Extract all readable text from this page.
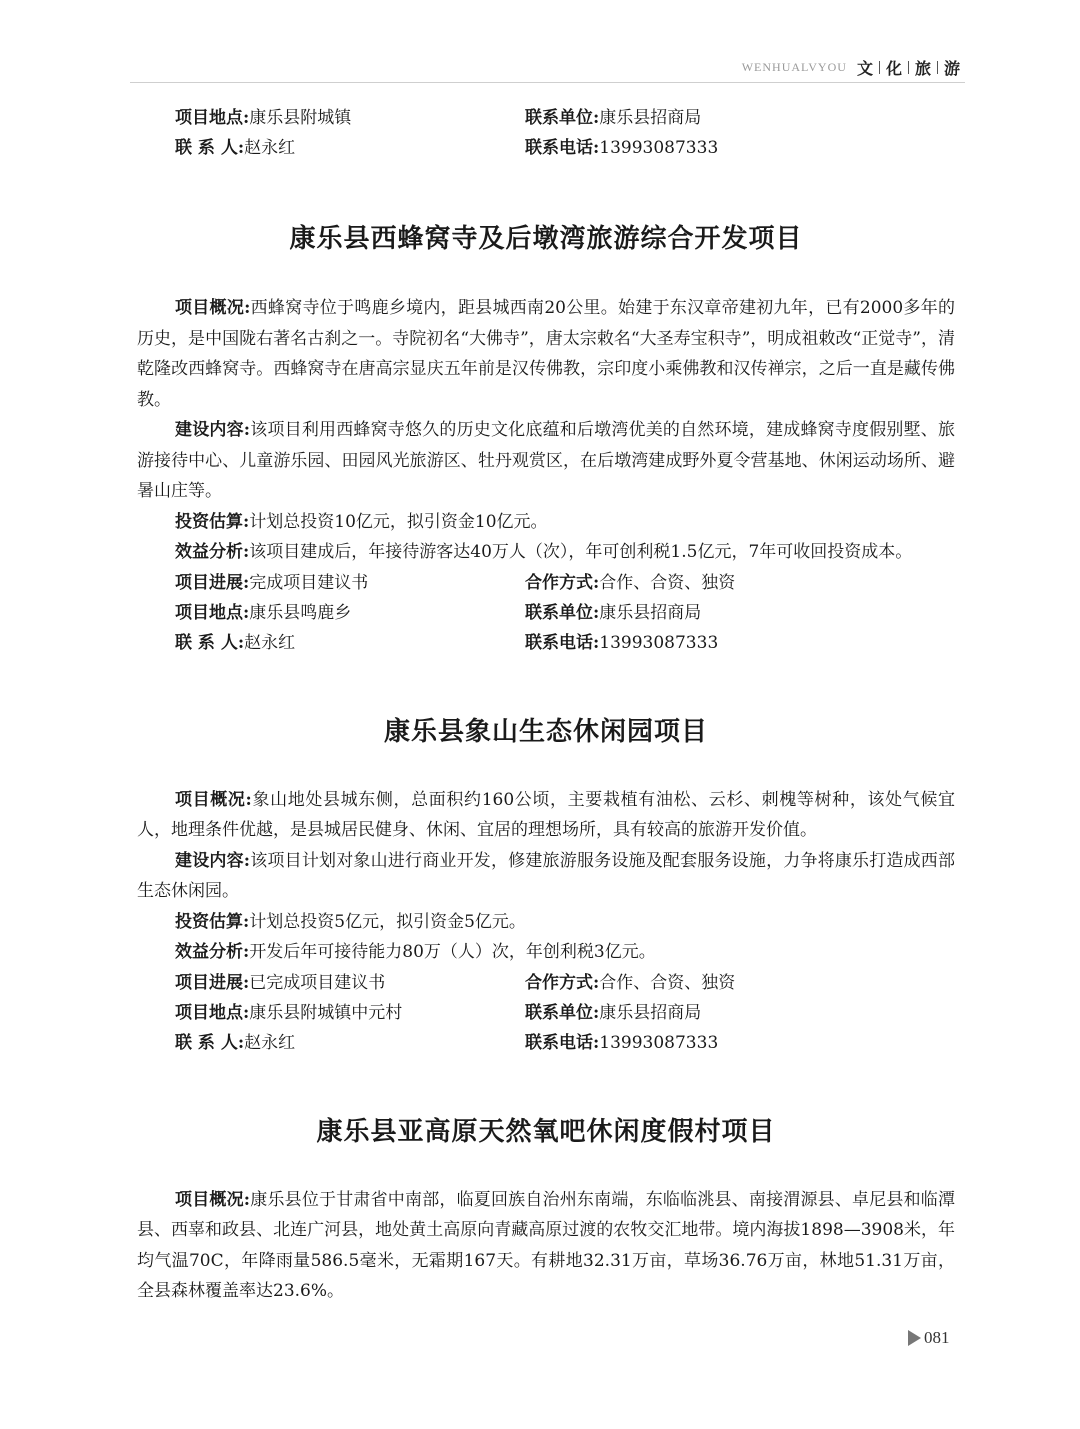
WENHUALVYOU 文 化 旅 游
项目地点:康乐县附城镇	联系单位:康乐县招商局
联 系 人:赵永红	联系电话:13993087333
康乐县西蜂窝寺及后墩湾旅游综合开发项目
项目概况:西蜂窝寺位于鸣鹿乡境内，距县城西南20公里。始建于东汉章帝建初九年，已有2000多年的历史，是中国陇右著名古刹之一。寺院初名“大佛寺”，唐太宗敕名“大圣寿宝积寺”，明成祖敕改“正觉寺”，清乾隆改西蜂窝寺。西蜂窝寺在唐高宗显庆五年前是汉传佛教，宗印度小乘佛教和汉传禅宗，之后一直是藏传佛教。
建设内容:该项目利用西蜂窝寺悠久的历史文化底蕴和后墩湾优美的自然环境，建成蜂窝寺度假别墅、旅游接待中心、儿童游乐园、田园风光旅游区、牡丹观赏区，在后墩湾建成野外夏令营基地、休闲运动场所、避暑山庄等。
投资估算:计划总投资10亿元，拟引资金10亿元。
效益分析:该项目建成后，年接待游客达40万人（次），年可创利税1.5亿元，7年可收回投资成本。
项目进展:完成项目建议书	合作方式:合作、合资、独资
项目地点:康乐县鸣鹿乡	联系单位:康乐县招商局
联 系 人:赵永红	联系电话:13993087333
康乐县象山生态休闲园项目
项目概况:象山地处县城东侧，总面积约160公顷，主要栽植有油松、云杉、刺槐等树种，该处气候宜人，地理条件优越，是县城居民健身、休闲、宜居的理想场所，具有较高的旅游开发价值。
建设内容:该项目计划对象山进行商业开发，修建旅游服务设施及配套服务设施，力争将康乐打造成西部生态休闲园。
投资估算:计划总投资5亿元，拟引资金5亿元。
效益分析:开发后年可接待能力80万（人）次，年创利税3亿元。
项目进展:已完成项目建议书	合作方式:合作、合资、独资
项目地点:康乐县附城镇中元村	联系单位:康乐县招商局
联 系 人:赵永红	联系电话:13993087333
康乐县亚高原天然氧吧休闲度假村项目
项目概况:康乐县位于甘肃省中南部，临夏回族自治州东南端，东临临洮县、南接渭源县、卓尼县和临潭县、西辜和政县、北连广河县，地处黄土高原向青藏高原过渡的农牧交汇地带。境内海拔1898—3908米，年均气温70C，年降雨量586.5毫米，无霜期167天。有耕地32.31万亩，草场36.76万亩，林地51.31万亩，全县森林覆盖率达23.6%。
081
